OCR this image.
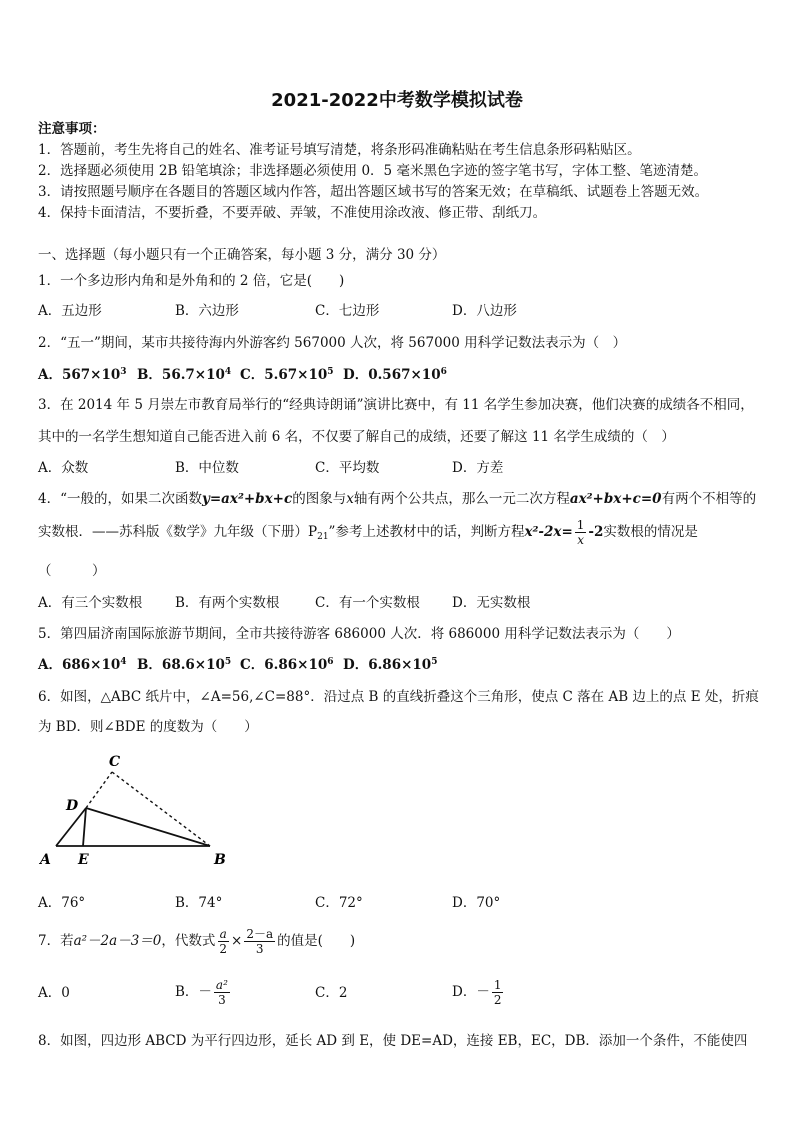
2021-2022中考数学模拟试卷
注意事项：
1．答题前，考生先将自己的姓名、准考证号填写清楚，将条形码准确粘贴在考生信息条形码粘贴区。
2．选择题必须使用 2B 铅笔填涂；非选择题必须使用 0．5 毫米黑色字迹的签字笔书写，字体工整、笔迹清楚。
3．请按照题号顺序在各题目的答题区域内作答，超出答题区域书写的答案无效；在草稿纸、试题卷上答题无效。
4．保持卡面清洁，不要折叠，不要弄破、弄皱，不准使用涂改液、修正带、刮纸刀。
一、选择题（每小题只有一个正确答案，每小题 3 分，满分 30 分）
1．一个多边形内角和是外角和的 2 倍，它是(　　)
A．五边形	B．六边形	C．七边形	D．八边形
2．“五一”期间，某市共接待海内外游客约 567000 人次，将 567000 用科学记数法表示为（　）
A．$567\times 10^3$ B．$56.7\times 10^4$ C．$5.67\times 10^5$ D．$0.567\times 10^6$
3．在 2014 年 5 月崇左市教育局举行的“经典诗朗诵”演讲比赛中，有 11 名学生参加决赛，他们决赛的成绩各不相同，
其中的一名学生想知道自己能否进入前 6 名，不仅要了解自己的成绩，还要了解这 11 名学生成绩的（　）
A．众数	B．中位数	C．平均数	D．方差
4．“一般的，如果二次函数y=ax²+bx+c的图象与x轴有两个公共点，那么一元二次方程ax²+bx+c=0有两个不相等的
实数根．——苏科版《数学》九年级（下册）$P_{21}$”参考上述教材中的话，判断方程$x^2-2x= \frac{1}{x} -2$实数根的情况是
（　　　）
A．有三个实数根 B．有两个实数根	C．有一个实数根 D．无实数根
5．第四届济南国际旅游节期间，全市共接待游客 686000 人次．将 686000 用科学记数法表示为（　　）
A．$686\times 10^4$ B．$68.6\times 10^5$ C．$6.86\times 10^6$ D．$6.86\times 10^5$
6．如图，△ABC 纸片中，∠A=56,∠C=88°．沿过点 B 的直线折叠这个三角形，使点 C 落在 AB 边上的点 E 处，折痕
为 BD．则∠BDE 的度数为（　　）
C
D
A E	B
A．76°	B．74°	C．72°	D．70°
7．若a²－2a－3＝0，代数式 $\frac{a}{2} \times \frac{2-a}{3}$ 的值是(　　)
A．0	B．－ $\frac{\text{a²}}{3}$	C．2	D．－ $\frac{1}{2}$
8．如图，四边形 ABCD 为平行四边形，延长 AD 到 E，使 DE=AD，连接 EB，EC，DB．添加一个条件，不能使四
